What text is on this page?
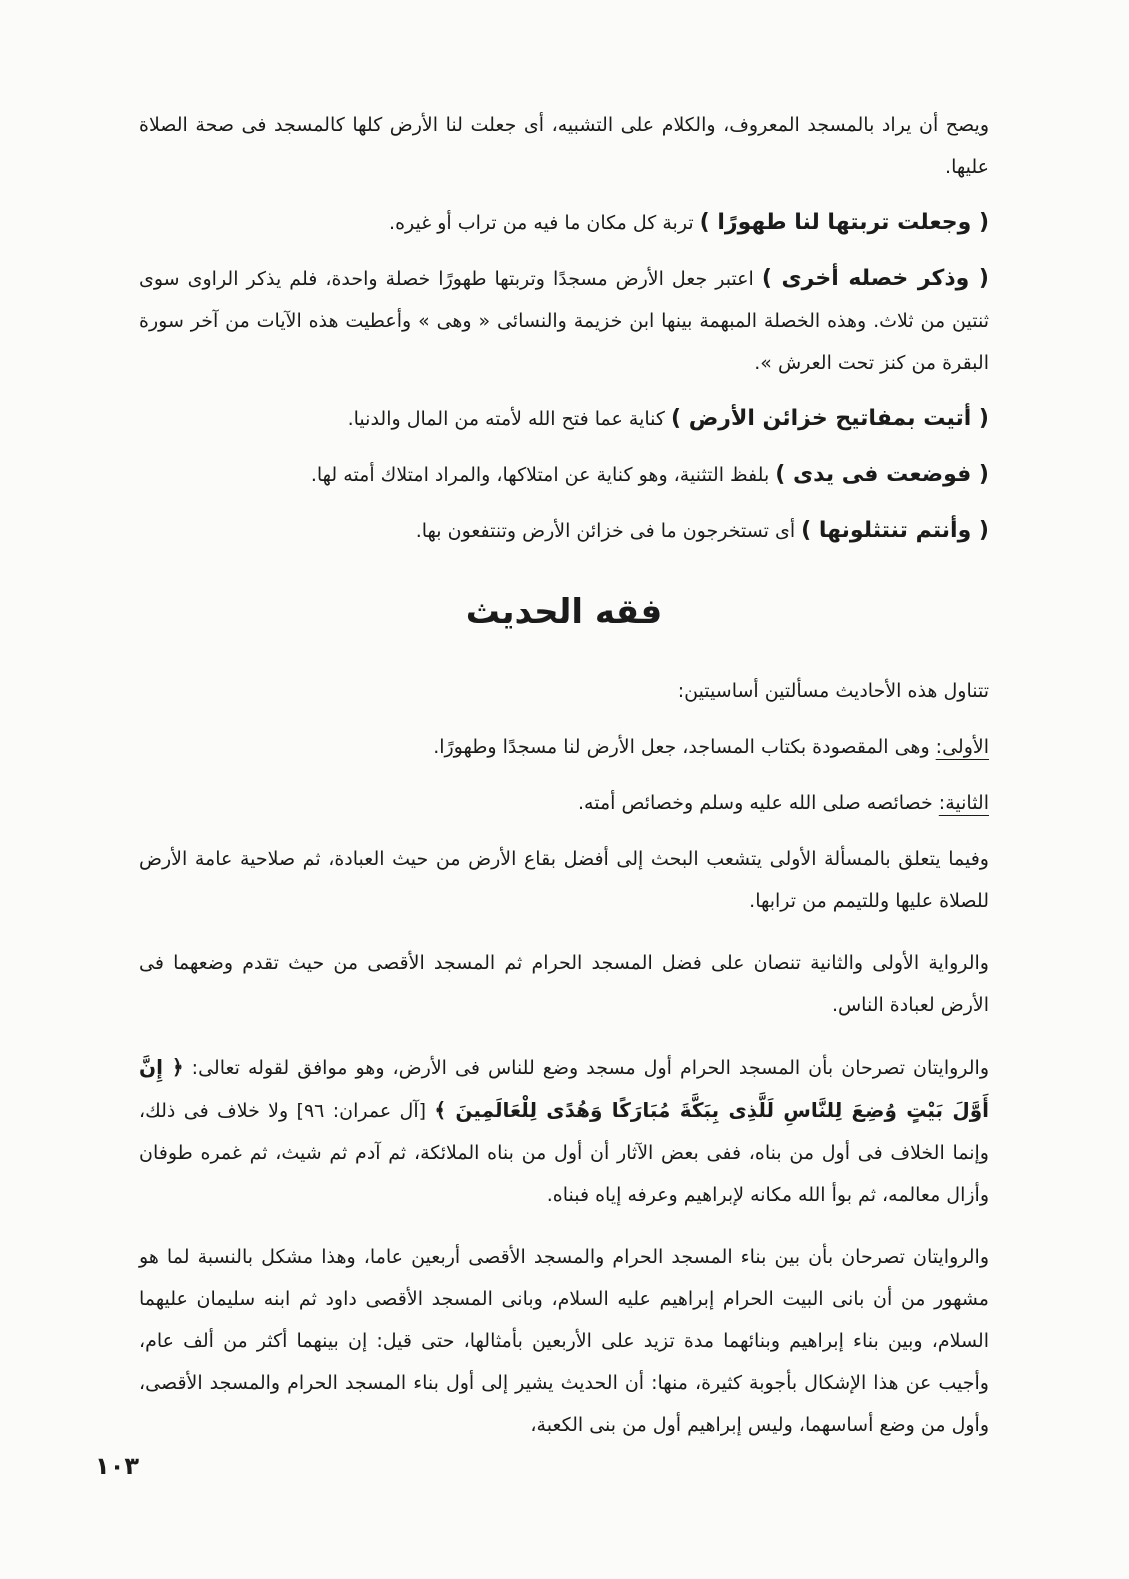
ويصح أن يراد بالمسجد المعروف، والكلام على التشبيه، أى جعلت لنا الأرض كلها كالمسجد فى صحة الصلاة عليها.

( وجعلت تربتها لنا طهورًا ) تربة كل مكان ما فيه من تراب أو غيره.

( وذكر خصله أخرى ) اعتبر جعل الأرض مسجدًا وتربتها طهورًا خصلة واحدة، فلم يذكر الراوى سوى ثنتين من ثلاث. وهذه الخصلة المبهمة بينها ابن خزيمة والنسائى « وهى » وأعطيت هذه الآيات من آخر سورة البقرة من كنز تحت العرش ».

( أتيت بمفاتيح خزائن الأرض ) كناية عما فتح الله لأمته من المال والدنيا.

( فوضعت فى يدى ) بلفظ التثنية، وهو كناية عن امتلاكها، والمراد امتلاك أمته لها.

( وأنتم تنتثلونها ) أى تستخرجون ما فى خزائن الأرض وتنتفعون بها.

فقه الحديث

تتناول هذه الأحاديث مسألتين أساسيتين:

الأولى: وهى المقصودة بكتاب المساجد، جعل الأرض لنا مسجدًا وطهورًا.

الثانية: خصائصه صلى الله عليه وسلم وخصائص أمته.

وفيما يتعلق بالمسألة الأولى يتشعب البحث إلى أفضل بقاع الأرض من حيث العبادة، ثم صلاحية عامة الأرض للصلاة عليها وللتيمم من ترابها.

والرواية الأولى والثانية تنصان على فضل المسجد الحرام ثم المسجد الأقصى من حيث تقدم وضعهما فى الأرض لعبادة الناس.

والروايتان تصرحان بأن المسجد الحرام أول مسجد وضع للناس فى الأرض، وهو موافق لقوله تعالى: ﴿ إِنَّ أَوَّلَ بَيْتٍ وُضِعَ لِلنَّاسِ لَلَّذِى بِبَكَّةَ مُبَارَكًا وَهُدًى لِلْعَالَمِينَ ﴾ [آل عمران: ٩٦] ولا خلاف فى ذلك، وإنما الخلاف فى أول من بناه، ففى بعض الآثار أن أول من بناه الملائكة، ثم آدم ثم شيث، ثم غمره طوفان وأزال معالمه، ثم بوأ الله مكانه لإبراهيم وعرفه إياه فبناه.

والروايتان تصرحان بأن بين بناء المسجد الحرام والمسجد الأقصى أربعين عاما، وهذا مشكل بالنسبة لما هو مشهور من أن بانى البيت الحرام إبراهيم عليه السلام، وبانى المسجد الأقصى داود ثم ابنه سليمان عليهما السلام، وبين بناء إبراهيم وبنائهما مدة تزيد على الأربعين بأمثالها، حتى قيل: إن بينهما أكثر من ألف عام، وأجيب عن هذا الإشكال بأجوبة كثيرة، منها: أن الحديث يشير إلى أول بناء المسجد الحرام والمسجد الأقصى، وأول من وضع أساسهما، وليس إبراهيم أول من بنى الكعبة،

١٠٣
